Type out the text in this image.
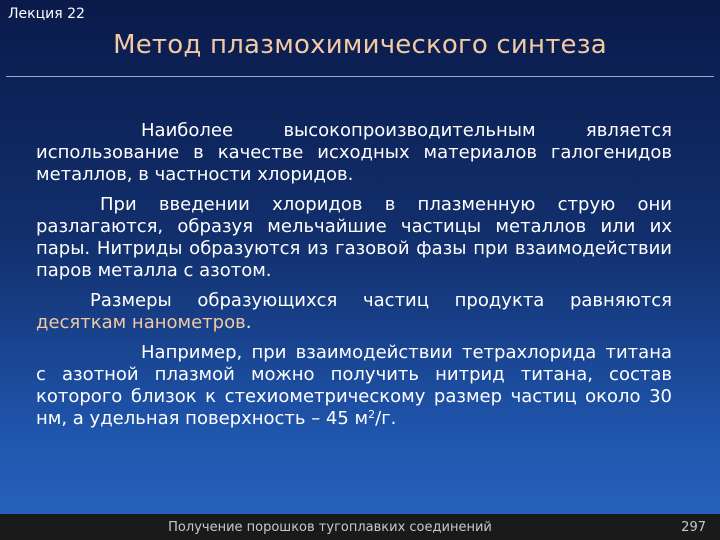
Лекция 22
Метод плазмохимического синтеза

Наиболее высокопроизводительным является использование в качестве исходных материалов галогенидов металлов, в частности хлоридов.

При введении хлоридов в плазменную струю они разлагаются, образуя мельчайшие частицы металлов или их пары. Нитриды образуются из газовой фазы при взаимодействии паров металла с азотом.

Размеры образующихся частиц продукта равняются десяткам нанометров.

Например, при взаимодействии тетрахлорида титана с азотной плазмой можно получить нитрид титана, состав которого близок к стехиометрическому размер частиц около 30 нм, а удельная поверхность – 45 $м^2/г$.

Получение порошков тугоплавких соединений	297
